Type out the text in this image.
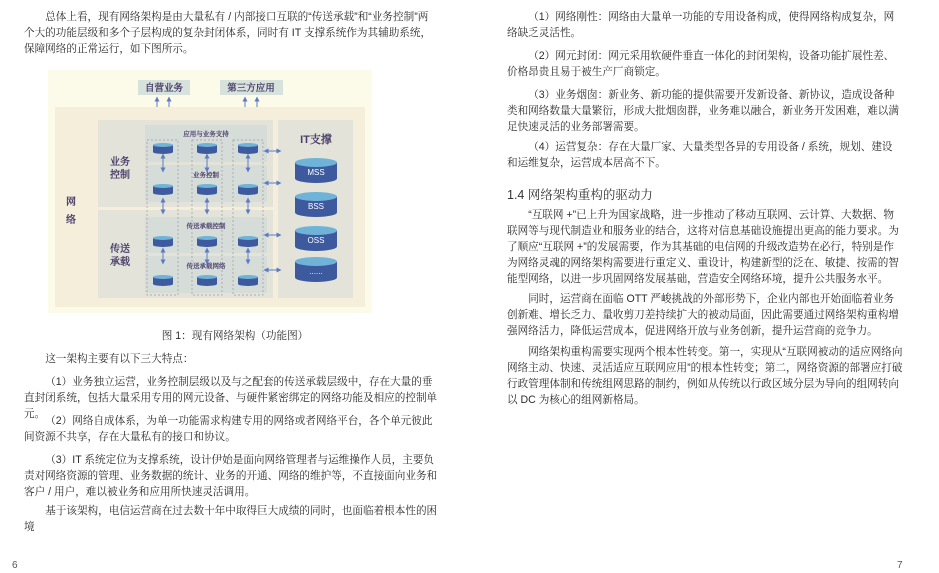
总体上看，现有网络架构是由大量私有 / 内部接口互联的“传送承载”和“业务控制”两个大的功能层级和多个子层构成的复杂封闭体系，同时有 IT 支撑系统作为其辅助系统，保障网络的正常运行，如下图所示。

自营业务	第三方应用
应用与业务支持
业务控制
传送承载控制
传送承载网络
IT支撑
MSS
BSS
OSS
......
网络
业务控制
传送承载
图 1：现有网络架构（功能图）

这一架构主要有以下三大特点：

（1）业务独立运营，业务控制层级以及与之配套的传送承载层级中，存在大量的垂直封闭系统，包括大量采用专用的网元设备、与硬件紧密绑定的网络功能及相应的控制单元。

（2）网络自成体系，为单一功能需求构建专用的网络或者网络平台，各个单元彼此间资源不共享，存在大量私有的接口和协议。

（3）IT 系统定位为支撑系统，设计伊始是面向网络管理者与运维操作人员，主要负责对网络资源的管理、业务数据的统计、业务的开通、网络的维护等，不直接面向业务和客户 / 用户，难以被业务和应用所快速灵活调用。

基于该架构，电信运营商在过去数十年中取得巨大成绩的同时，也面临着根本性的困境

6

（1）网络刚性：网络由大量单一功能的专用设备构成，使得网络构成复杂，网络缺乏灵活性。

（2）网元封闭：网元采用软硬件垂直一体化的封闭架构，设备功能扩展性差、价格昂贵且易于被生产厂商锁定。

（3）业务烟囱：新业务、新功能的提供需要开发新设备、新协议，造成设备种类和网络数量大量繁衍，形成大批烟囱群，业务难以融合，新业务开发困难，难以满足快速灵活的业务部署需要。

（4）运营复杂：存在大量厂家、大量类型各异的专用设备 / 系统，规划、建设和运维复杂，运营成本居高不下。

1.4 网络架构重构的驱动力

“互联网 +”已上升为国家战略，进一步推动了移动互联网、云计算、大数据、物联网等与现代制造业和服务业的结合，这将对信息基础设施提出更高的能力要求。为了顺应“互联网 +”的发展需要，作为其基础的电信网的升级改造势在必行，特别是作为网络灵魂的网络架构需要进行重定义、重设计，构建新型的泛在、敏捷、按需的智能型网络，以进一步巩固网络发展基础，营造安全网络环境，提升公共服务水平。

同时，运营商在面临 OTT 严峻挑战的外部形势下，企业内部也开始面临着业务创新难、增长乏力、量收剪刀差持续扩大的被动局面，因此需要通过网络架构重构增强网络活力，降低运营成本，促进网络开放与业务创新，提升运营商的竞争力。

网络架构重构需要实现两个根本性转变。第一，实现从“互联网被动的适应网络向网络主动、快速、灵活适应互联网应用”的根本性转变；第二，网络资源的部署应打破行政管理体制和传统组网思路的制约，例如从传统以行政区域分层为导向的组网转向以 DC 为核心的组网新格局。

7
